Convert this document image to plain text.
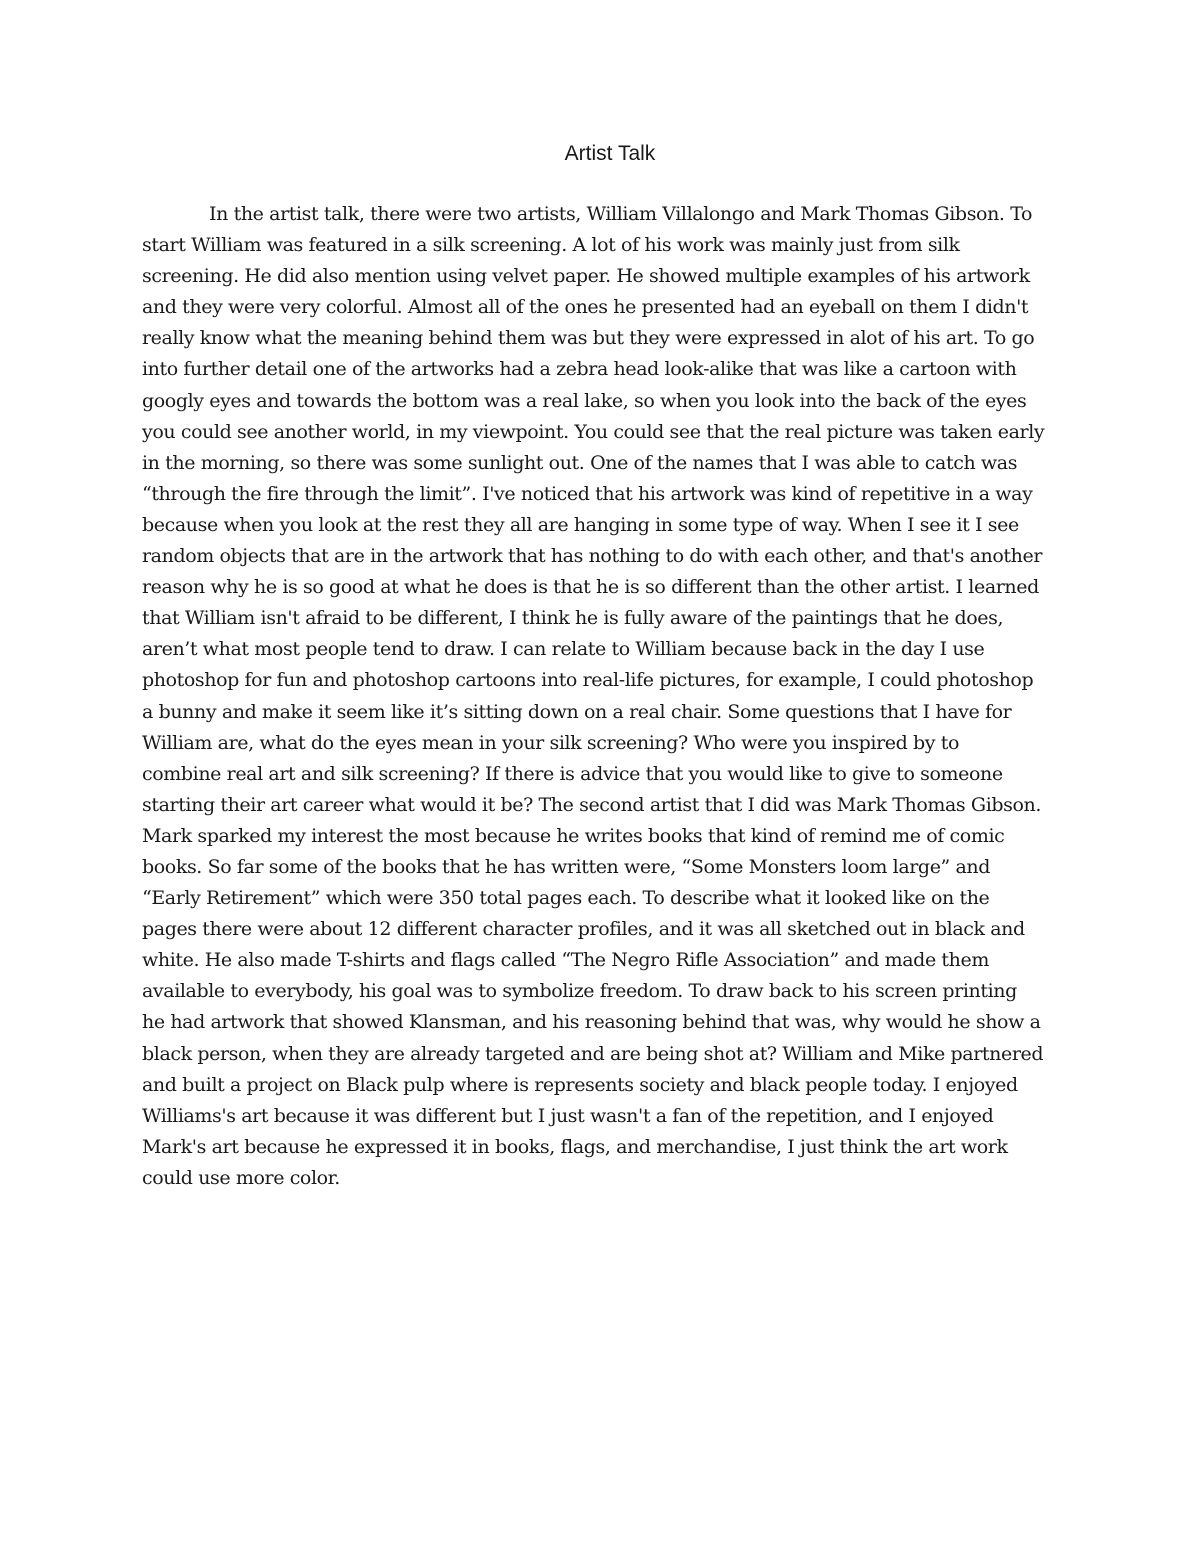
Artist Talk
In the artist talk, there were two artists, William Villalongo and Mark Thomas Gibson. To
start William was featured in a silk screening. A lot of his work was mainly just from silk
screening. He did also mention using velvet paper. He showed multiple examples of his artwork
and they were very colorful. Almost all of the ones he presented had an eyeball on them I didn't
really know what the meaning behind them was but they were expressed in alot of his art. To go
into further detail one of the artworks had a zebra head look-alike that was like a cartoon with
googly eyes and towards the bottom was a real lake, so when you look into the back of the eyes
you could see another world, in my viewpoint. You could see that the real picture was taken early
in the morning, so there was some sunlight out. One of the names that I was able to catch was
“through the fire through the limit”. I've noticed that his artwork was kind of repetitive in a way
because when you look at the rest they all are hanging in some type of way. When I see it I see
random objects that are in the artwork that has nothing to do with each other, and that's another
reason why he is so good at what he does is that he is so different than the other artist. I learned
that William isn't afraid to be different, I think he is fully aware of the paintings that he does,
aren’t what most people tend to draw. I can relate to William because back in the day I use
photoshop for fun and photoshop cartoons into real-life pictures, for example, I could photoshop
a bunny and make it seem like it’s sitting down on a real chair. Some questions that I have for
William are, what do the eyes mean in your silk screening? Who were you inspired by to
combine real art and silk screening? If there is advice that you would like to give to someone
starting their art career what would it be? The second artist that I did was Mark Thomas Gibson.
Mark sparked my interest the most because he writes books that kind of remind me of comic
books. So far some of the books that he has written were, “Some Monsters loom large” and
“Early Retirement” which were 350 total pages each. To describe what it looked like on the
pages there were about 12 different character profiles, and it was all sketched out in black and
white. He also made T-shirts and flags called “The Negro Rifle Association” and made them
available to everybody, his goal was to symbolize freedom. To draw back to his screen printing
he had artwork that showed Klansman, and his reasoning behind that was, why would he show a
black person, when they are already targeted and are being shot at? William and Mike partnered
and built a project on Black pulp where is represents society and black people today. I enjoyed
Williams's art because it was different but I just wasn't a fan of the repetition, and I enjoyed
Mark's art because he expressed it in books, flags, and merchandise, I just think the art work
could use more color.
